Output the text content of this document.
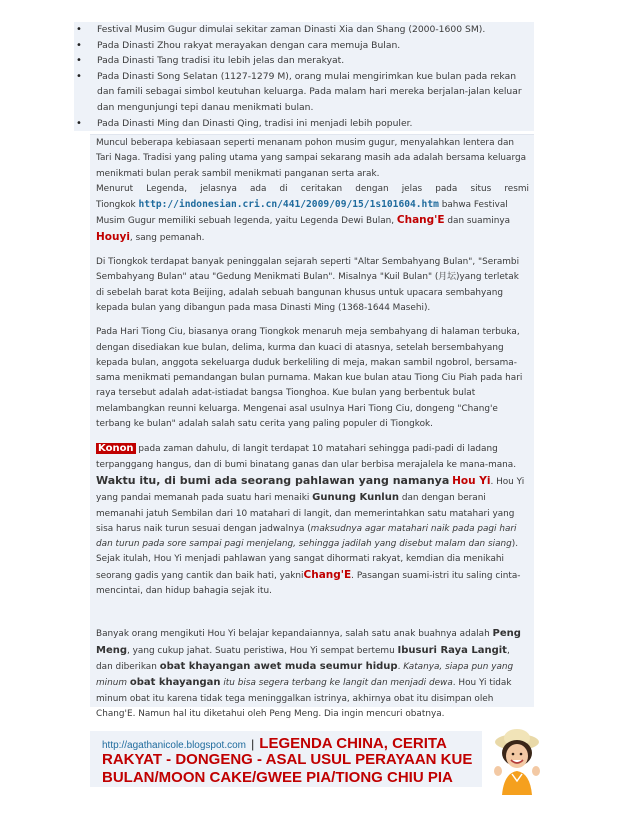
•	Festival Musim Gugur dimulai sekitar zaman Dinasti Xia dan Shang (2000-1600 SM).
•	Pada Dinasti Zhou rakyat merayakan dengan cara memuja Bulan.
•	Pada Dinasti Tang tradisi itu lebih jelas dan merakyat.
•	Pada Dinasti Song Selatan (1127-1279 M), orang mulai mengirimkan kue bulan pada rekan dan famili sebagai simbol keutuhan keluarga. Pada malam hari mereka berjalan-jalan keluar dan mengunjungi tepi danau menikmati bulan.
•	Pada Dinasti Ming dan Dinasti Qing, tradisi ini menjadi lebih populer.

Muncul beberapa kebiasaan seperti menanam pohon musim gugur, menyalahkan lentera dan Tari Naga. Tradisi yang paling utama yang sampai sekarang masih ada adalah bersama keluarga menikmati bulan perak sambil menikmati panganan serta arak.

Menurut Legenda, jelasnya ada di ceritakan dengan jelas pada situs resmi

Tiongkok http://indonesian.cri.cn/441/2009/09/15/1s101604.htm bahwa Festival Musim Gugur memiliki sebuah legenda, yaitu Legenda Dewi Bulan, Chang'E dan suaminya Houyi, sang pemanah.

Di Tiongkok terdapat banyak peninggalan sejarah seperti "Altar Sembahyang Bulan", "Serambi Sembahyang Bulan" atau "Gedung Menikmati Bulan". Misalnya "Kuil Bulan" (月坛)yang terletak di sebelah barat kota Beijing, adalah sebuah bangunan khusus untuk upacara sembahyang kepada bulan yang dibangun pada masa Dinasti Ming (1368-1644 Masehi).

Pada Hari Tiong Ciu, biasanya orang Tiongkok menaruh meja sembahyang di halaman terbuka, dengan disediakan kue bulan, delima, kurma dan kuaci di atasnya, setelah bersembahyang kepada bulan, anggota sekeluarga duduk berkeliling di meja, makan sambil ngobrol, bersama-sama menikmati pemandangan bulan purnama. Makan kue bulan atau Tiong Ciu Piah pada hari raya tersebut adalah adat-istiadat bangsa Tionghoa. Kue bulan yang berbentuk bulat melambangkan reunni keluarga. Mengenai asal usulnya Hari Tiong Ciu, dongeng "Chang'e terbang ke bulan" adalah salah satu cerita yang paling populer di Tiongkok.

Konon pada zaman dahulu, di langit terdapat 10 matahari sehingga padi-padi di ladang terpanggang hangus, dan di bumi binatang ganas dan ular berbisa merajalela ke mana-mana. Waktu itu, di bumi ada seorang pahlawan yang namanya Hou Yi. Hou Yi yang pandai memanah pada suatu hari menaiki Gunung Kunlun dan dengan berani memanahi jatuh Sembilan dari 10 matahari di langit, dan memerintahkan satu matahari yang sisa harus naik turun sesuai dengan jadwalnya (maksudnya agar matahari naik pada pagi hari dan turun pada sore sampai pagi menjelang, sehingga jadilah yang disebut malam dan siang). Sejak itulah, Hou Yi menjadi pahlawan yang sangat dihormati rakyat, kemdian dia menikahi seorang gadis yang cantik dan baik hati, yakniChang'E. Pasangan suami-istri itu saling cinta-mencintai, dan hidup bahagia sejak itu.

Banyak orang mengikuti Hou Yi belajar kepandaiannya, salah satu anak buahnya adalah Peng Meng, yang cukup jahat. Suatu peristiwa, Hou Yi sempat bertemu Ibusuri Raya Langit, dan diberikan obat khayangan awet muda seumur hidup. Katanya, siapa pun yang minum obat khayangan itu bisa segera terbang ke langit dan menjadi dewa. Hou Yi tidak minum obat itu karena tidak tega meninggalkan istrinya, akhirnya obat itu disimpan oleh Chang'E. Namun hal itu diketahui oleh Peng Meng. Dia ingin mencuri obatnya.

http://agathanicole.blogspot.com | LEGENDA CHINA, CERITA
RAKYAT - DONGENG - ASAL USUL PERAYAAN KUE
BULAN/MOON CAKE/GWEE PIA/TIONG CHIU PIA
